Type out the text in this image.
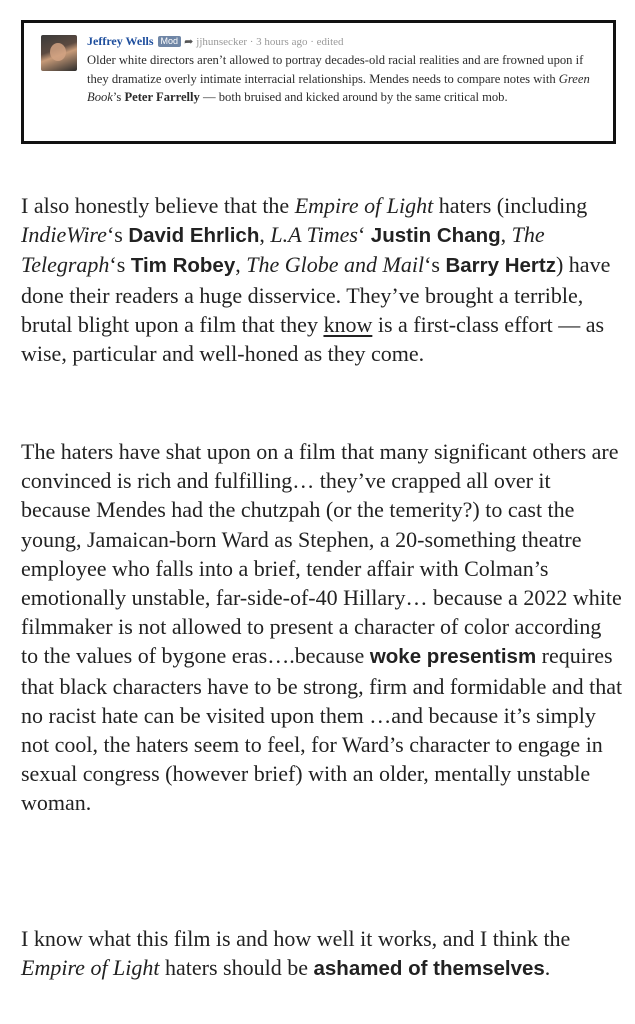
Jeffrey Wells Mod ➦ jjhunsecker · 3 hours ago · edited
Older white directors aren’t allowed to portray decades-old racial realities and are frowned upon if they dramatize overly intimate interracial relationships. Mendes needs to compare notes with Green Book’s Peter Farrelly — both bruised and kicked around by the same critical mob.
I also honestly believe that the Empire of Light haters (including IndieWire‘s David Ehrlich, L.A Times‘ Justin Chang, The Telegraph‘s Tim Robey, The Globe and Mail‘s Barry Hertz) have done their readers a huge disservice. They’ve brought a terrible, brutal blight upon a film that they know is a first-class effort — as wise, particular and well-honed as they come.
The haters have shat upon on a film that many significant others are convinced is rich and fulfilling… they’ve crapped all over it because Mendes had the chutzpah (or the temerity?) to cast the young, Jamaican-born Ward as Stephen, a 20-something theatre employee who falls into a brief, tender affair with Colman’s emotionally unstable, far-side-of-40 Hillary… because a 2022 white filmmaker is not allowed to present a character of color according to the values of bygone eras….because woke presentism requires that black characters have to be strong, firm and formidable and that no racist hate can be visited upon them …and because it’s simply not cool, the haters seem to feel, for Ward’s character to engage in sexual congress (however brief) with an older, mentally unstable woman.
I know what this film is and how well it works, and I think the Empire of Light haters should be ashamed of themselves.
